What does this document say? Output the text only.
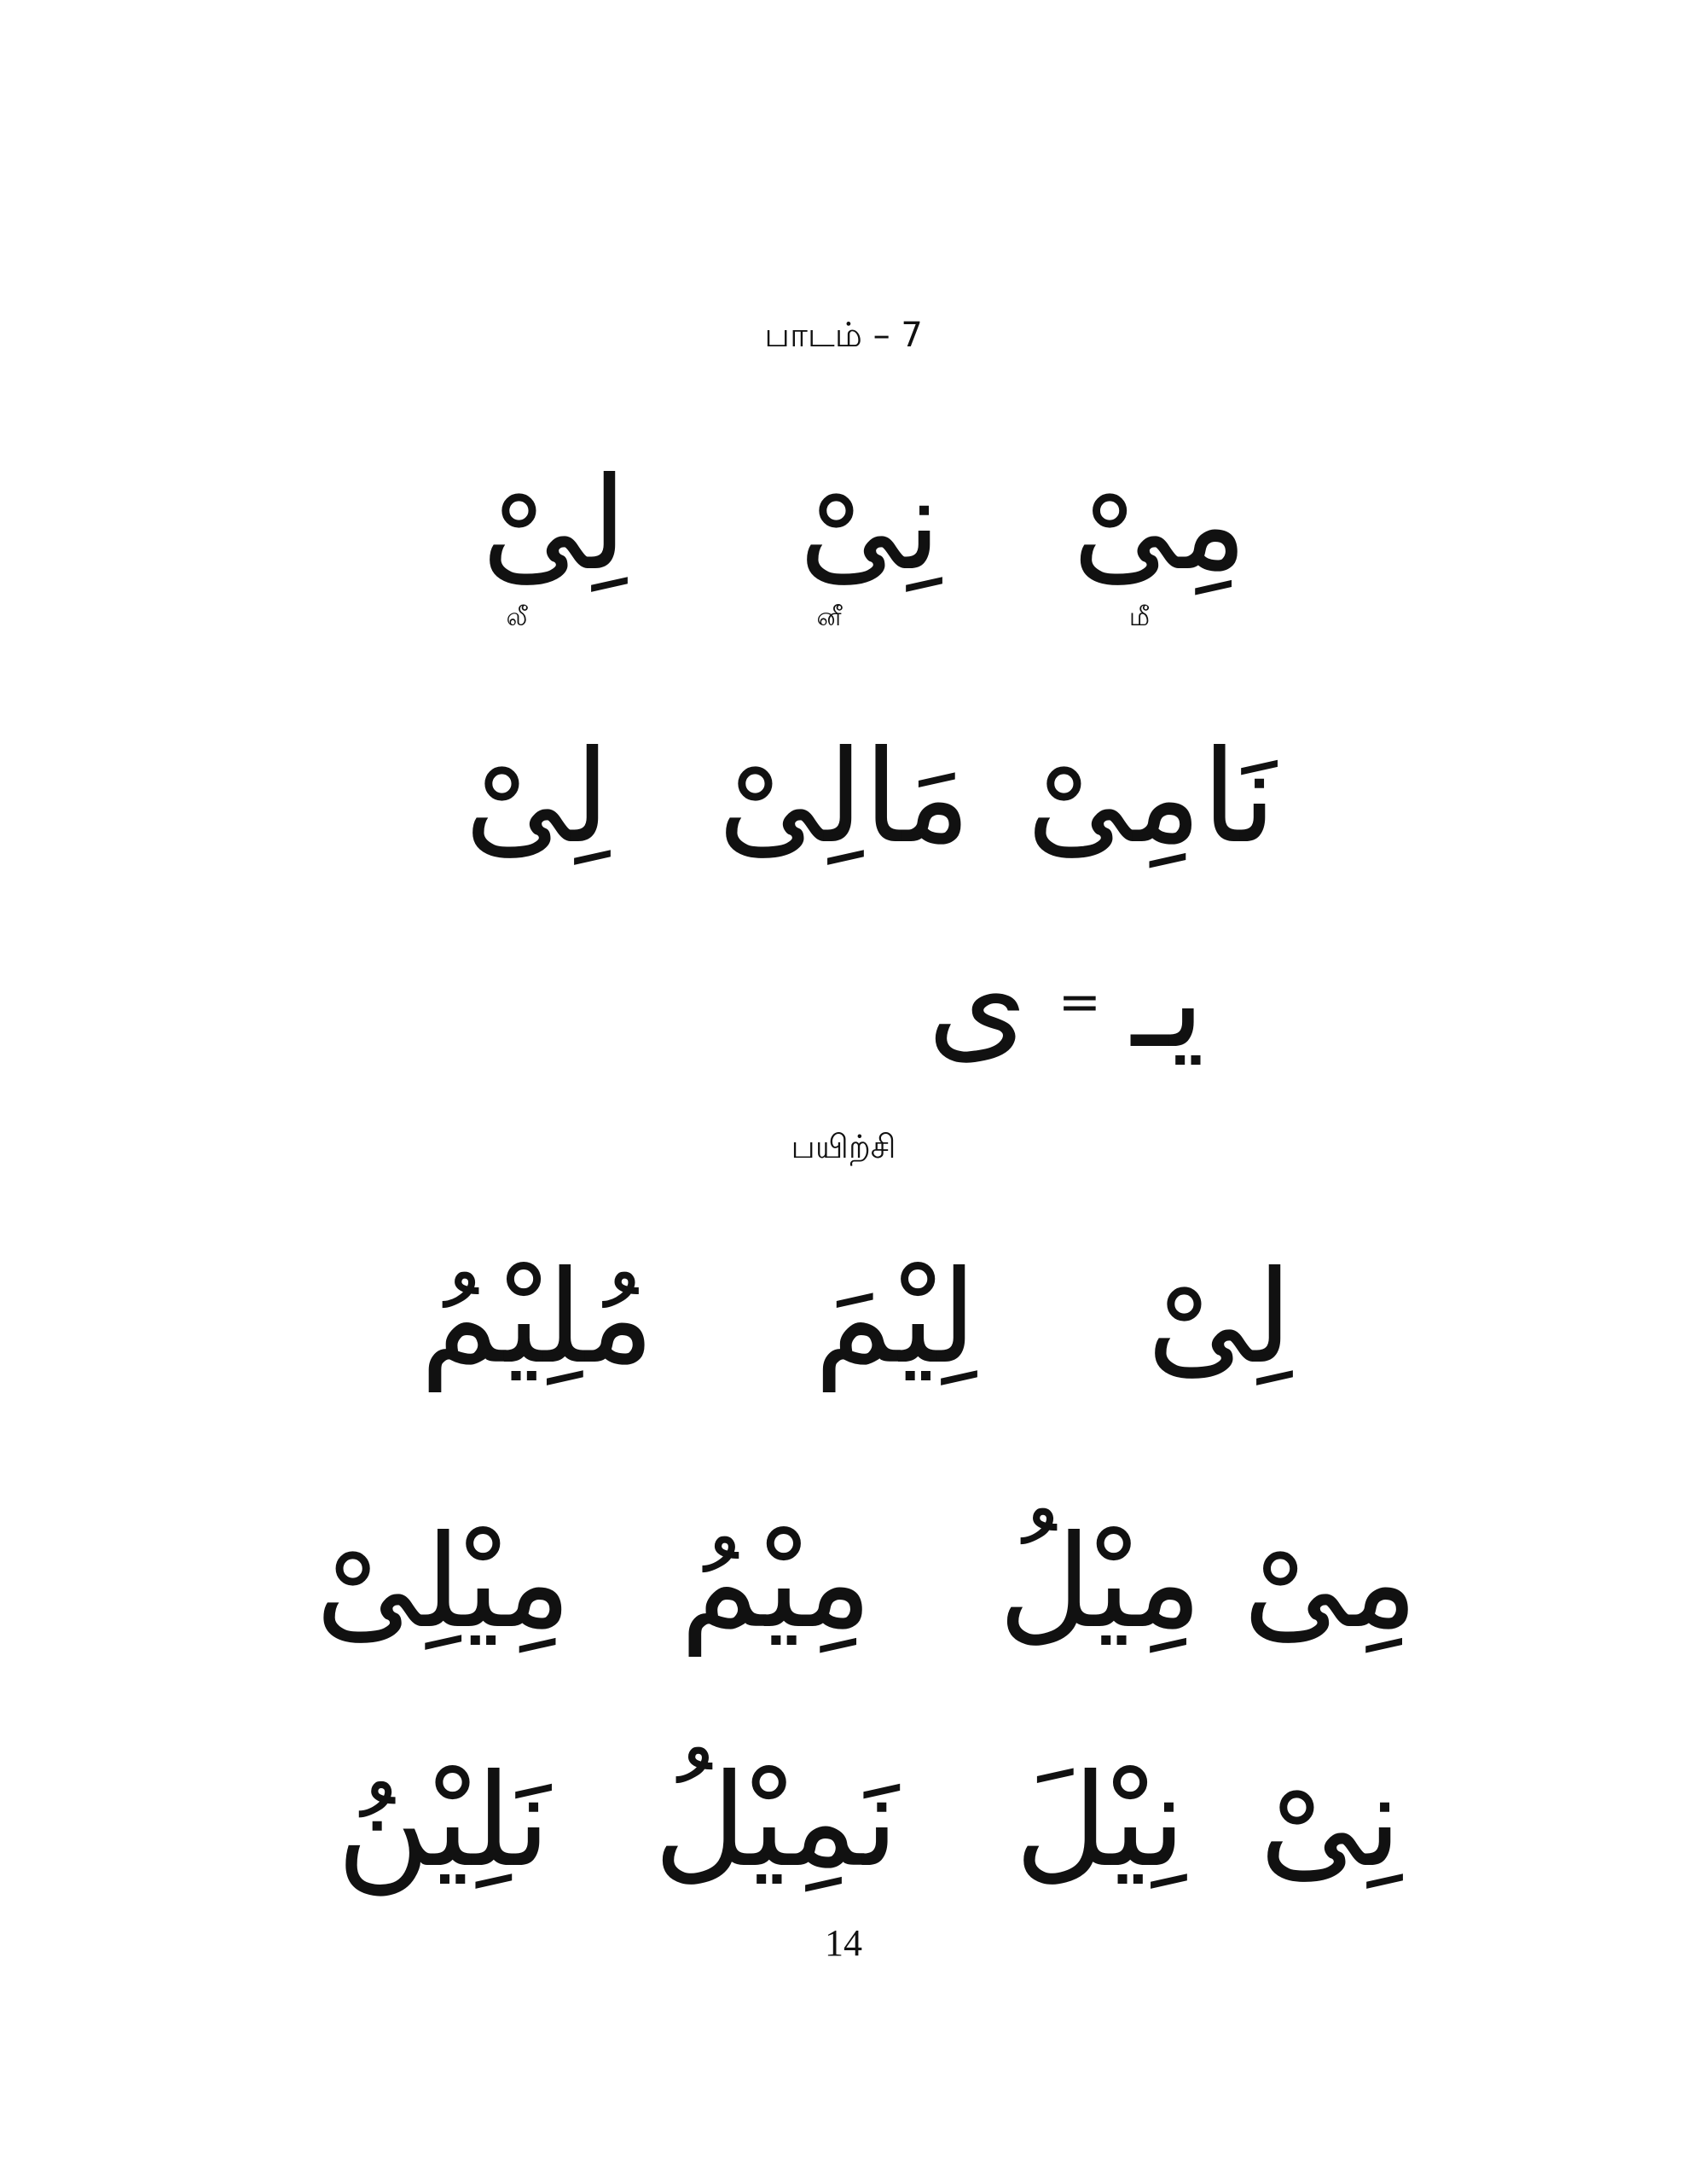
பாடம் – 7
مِىْ
نِىْ
لِىْ
மீ
னீ
லீ
نَامِىْ
مَالِىْ
لِىْ
يـ
=
ى
பயிற்சி
لِىْ
لِيْمَ
مُلِيْمُ
مِىْ
مِيْلُ
مِيْمُ
مِيْلِىْ
نِىْ
نِيْلَ
نَمِيْلُ
نَلِيْنُ
14
